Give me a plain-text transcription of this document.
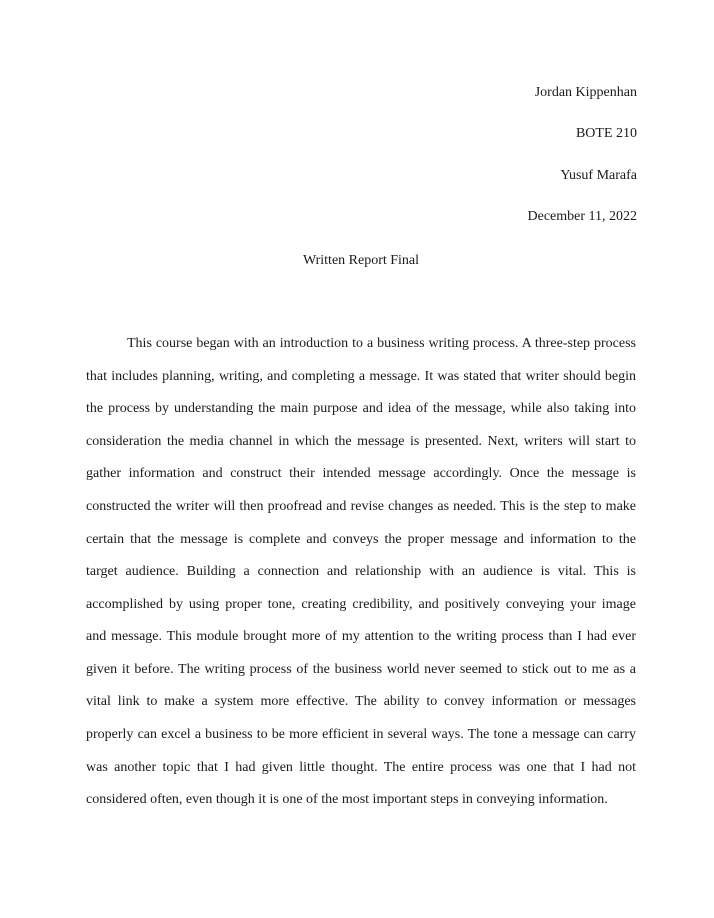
Jordan Kippenhan
BOTE 210
Yusuf Marafa
December 11, 2022
Written Report Final
This course began with an introduction to a business writing process. A three-step process
that includes planning, writing, and completing a message. It was stated that writer should begin
the process by understanding the main purpose and idea of the message, while also taking into
consideration the media channel in which the message is presented. Next, writers will start to
gather information and construct their intended message accordingly. Once the message is
constructed the writer will then proofread and revise changes as needed. This is the step to make
certain that the message is complete and conveys the proper message and information to the
target audience. Building a connection and relationship with an audience is vital. This is
accomplished by using proper tone, creating credibility, and positively conveying your image
and message. This module brought more of my attention to the writing process than I had ever
given it before. The writing process of the business world never seemed to stick out to me as a
vital link to make a system more effective. The ability to convey information or messages
properly can excel a business to be more efficient in several ways. The tone a message can carry
was another topic that I had given little thought. The entire process was one that I had not
considered often, even though it is one of the most important steps in conveying information.
